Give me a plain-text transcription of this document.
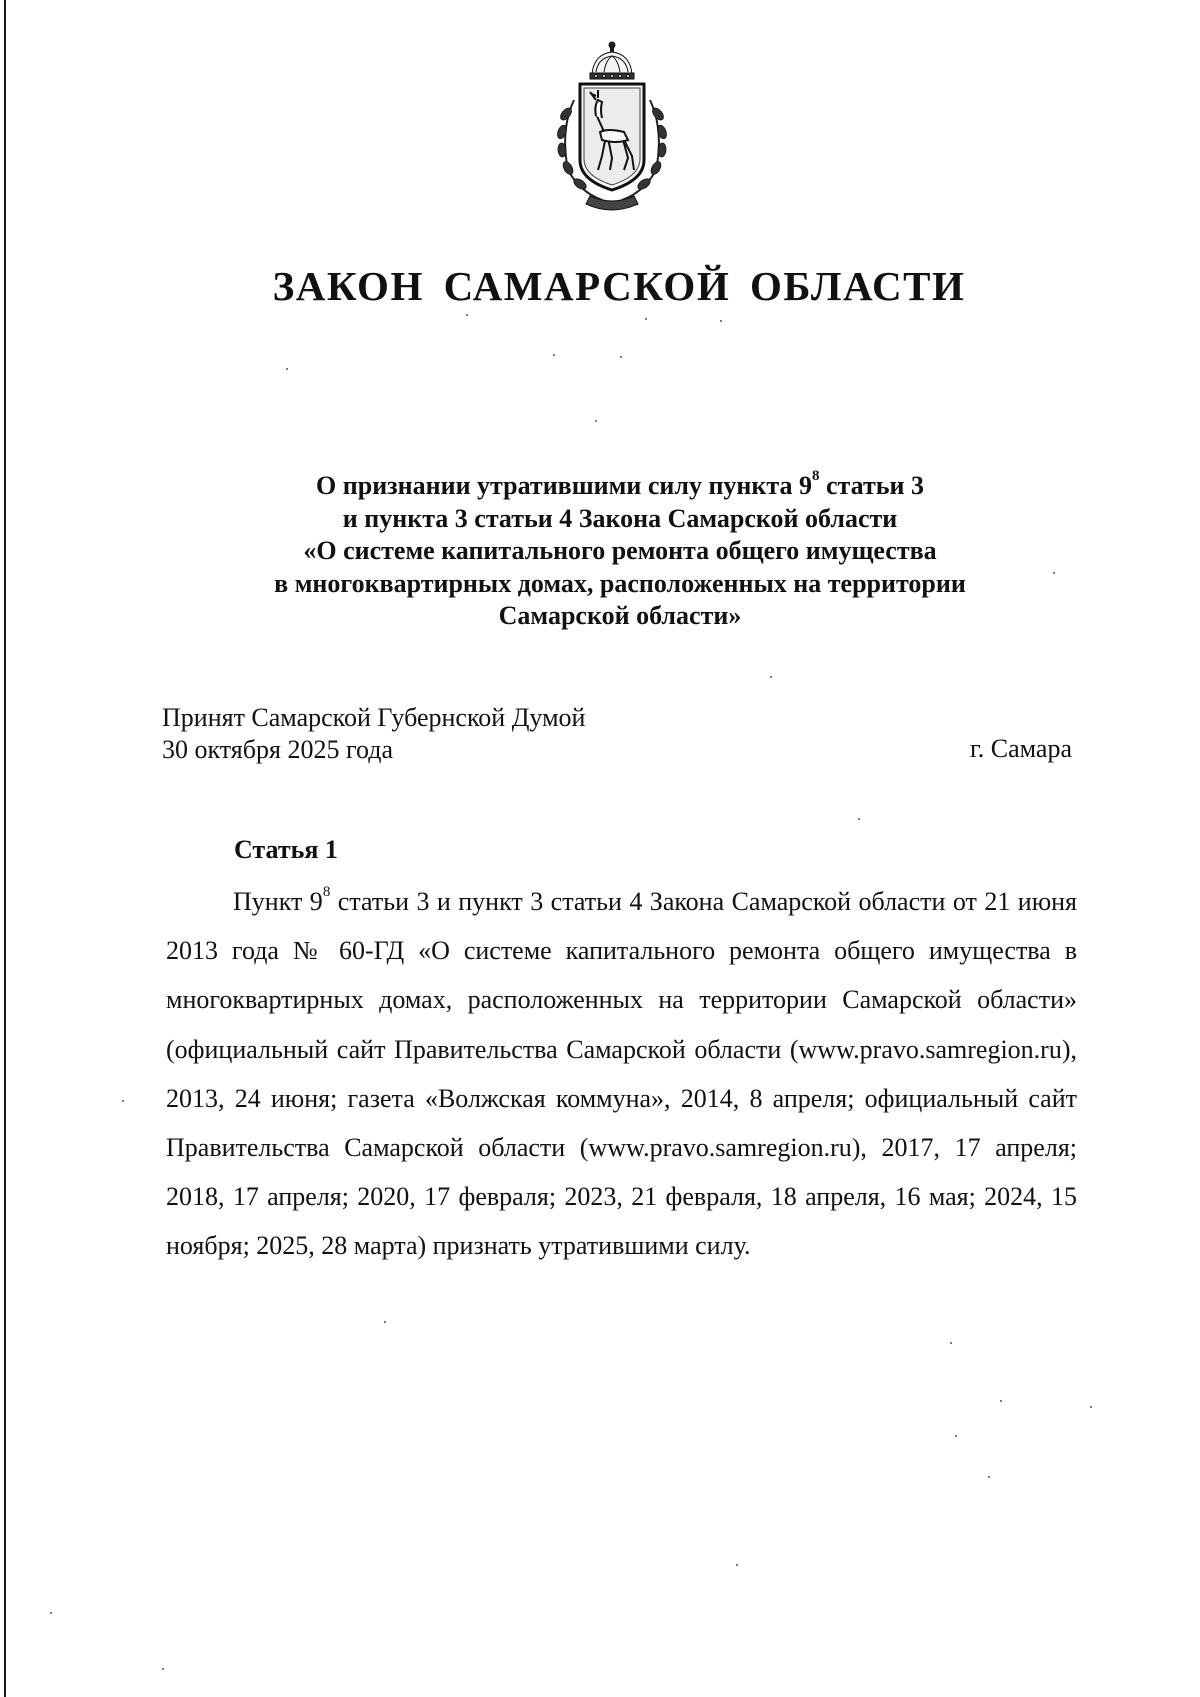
ЗАКОН САМАРСКОЙ ОБЛАСТИ
О признании утратившими силу пункта $9^8$ статьи 3
и пункта 3 статьи 4 Закона Самарской области
«О системе капитального ремонта общего имущества
в многоквартирных домах, расположенных на территории
Самарской области»
Принят Самарской Губернской Думой
30 октября 2025 года	г. Самара
Статья 1
Пункт $9^8$ статьи 3 и пункт 3 статьи 4 Закона Самарской области от 21 июня 2013 года № 60-ГД «О системе капитального ремонта общего имущества в многоквартирных домах, расположенных на территории Самарской области» (официальный сайт Правительства Самарской области (www.pravo.samregion.ru), 2013, 24 июня; газета «Волжская коммуна», 2014, 8 апреля; официальный сайт Правительства Самарской области (www.pravo.samregion.ru), 2017, 17 апреля; 2018, 17 апреля; 2020, 17 февраля; 2023, 21 февраля, 18 апреля, 16 мая; 2024, 15 ноября; 2025, 28 марта) признать утратившими силу.
